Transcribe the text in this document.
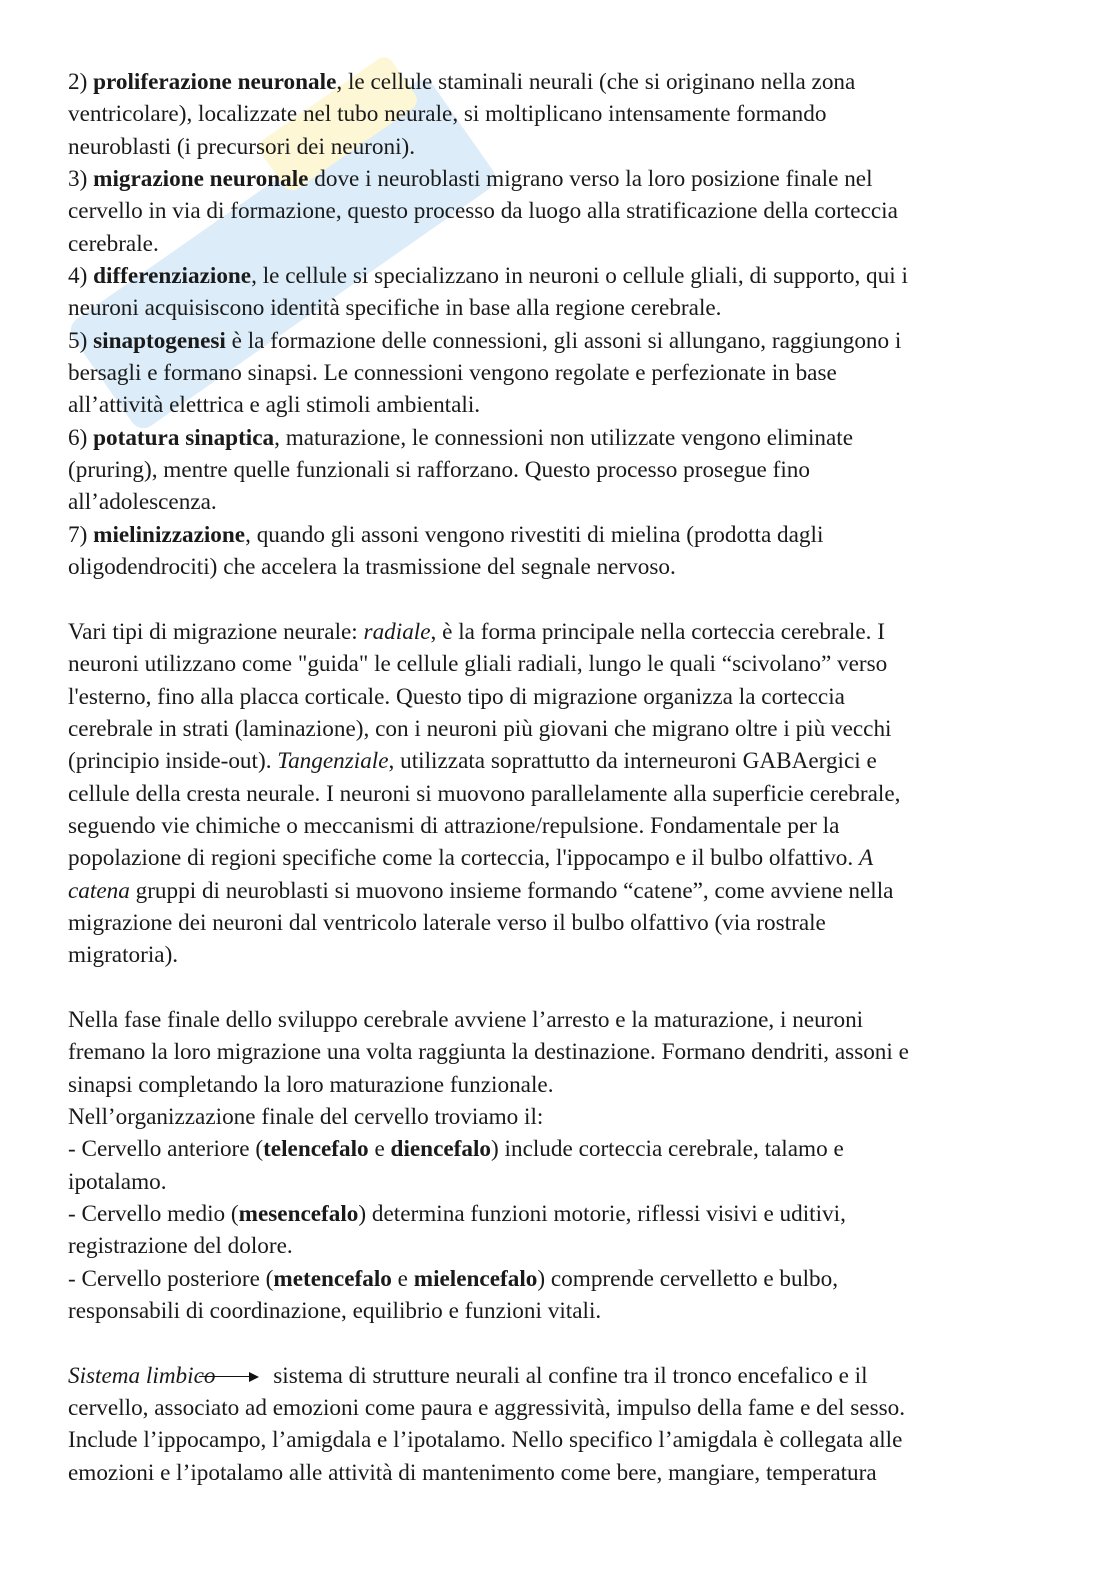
2) proliferazione neuronale, le cellule staminali neurali (che si originano nella zona
ventricolare), localizzate nel tubo neurale, si moltiplicano intensamente formando
neuroblasti (i precursori dei neuroni).
3) migrazione neuronale dove i neuroblasti migrano verso la loro posizione finale nel
cervello in via di formazione, questo processo da luogo alla stratificazione della corteccia
cerebrale.
4) differenziazione, le cellule si specializzano in neuroni o cellule gliali, di supporto, qui i
neuroni acquisiscono identità specifiche in base alla regione cerebrale.
5) sinaptogenesi è la formazione delle connessioni, gli assoni si allungano, raggiungono i
bersagli e formano sinapsi. Le connessioni vengono regolate e perfezionate in base
all’attività elettrica e agli stimoli ambientali.
6) potatura sinaptica, maturazione, le connessioni non utilizzate vengono eliminate
(pruring), mentre quelle funzionali si rafforzano. Questo processo prosegue fino
all’adolescenza.
7) mielinizzazione, quando gli assoni vengono rivestiti di mielina (prodotta dagli
oligodendrociti) che accelera la trasmissione del segnale nervoso.
Vari tipi di migrazione neurale: radiale, è la forma principale nella corteccia cerebrale. I
neuroni utilizzano come "guida" le cellule gliali radiali, lungo le quali “scivolano” verso
l'esterno, fino alla placca corticale. Questo tipo di migrazione organizza la corteccia
cerebrale in strati (laminazione), con i neuroni più giovani che migrano oltre i più vecchi
(principio inside-out). Tangenziale, utilizzata soprattutto da interneuroni GABAergici e
cellule della cresta neurale. I neuroni si muovono parallelamente alla superficie cerebrale,
seguendo vie chimiche o meccanismi di attrazione/repulsione. Fondamentale per la
popolazione di regioni specifiche come la corteccia, l'ippocampo e il bulbo olfattivo. A
catena gruppi di neuroblasti si muovono insieme formando “catene”, come avviene nella
migrazione dei neuroni dal ventricolo laterale verso il bulbo olfattivo (via rostrale
migratoria).
Nella fase finale dello sviluppo cerebrale avviene l’arresto e la maturazione, i neuroni
fremano la loro migrazione una volta raggiunta la destinazione. Formano dendriti, assoni e
sinapsi completando la loro maturazione funzionale.
Nell’organizzazione finale del cervello troviamo il:
- Cervello anteriore (telencefalo e diencefalo) include corteccia cerebrale, talamo e
ipotalamo.
- Cervello medio (mesencefalo) determina funzioni motorie, riflessi visivi e uditivi,
registrazione del dolore.
- Cervello posteriore (metencefalo e mielencefalo) comprende cervelletto e bulbo,
responsabili di coordinazione, equilibrio e funzioni vitali.
Sistema limbico sistema di strutture neurali al confine tra il tronco encefalico e il
cervello, associato ad emozioni come paura e aggressività, impulso della fame e del sesso.
Include l’ippocampo, l’amigdala e l’ipotalamo. Nello specifico l’amigdala è collegata alle
emozioni e l’ipotalamo alle attività di mantenimento come bere, mangiare, temperatura
